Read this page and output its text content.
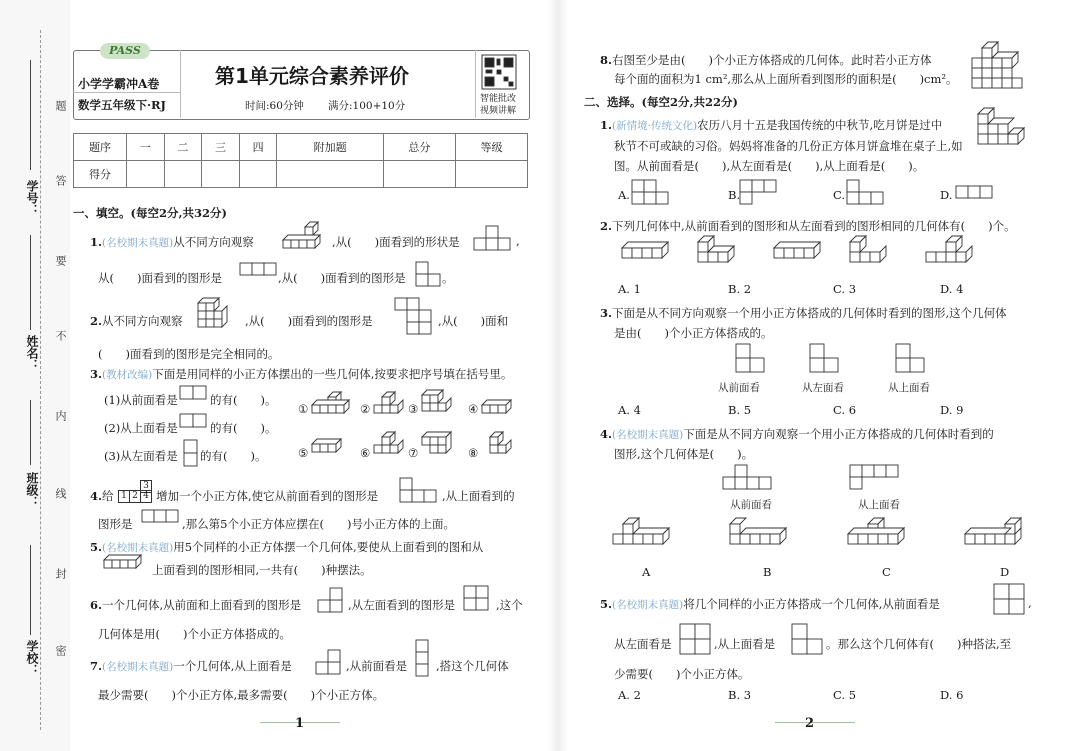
学号：
姓名：
班级：
学校：
题
答
要
不
内
线
封
密
PASS
小学学霸冲A卷
数学五年级下·RJ
第1单元综合素养评价
时间:60分钟 满分:100+10分
智能批改
视频讲解
题序	一	二	三	四	附加题	总分	等级
得分							
一、填空。(每空2分,共32分)
1.(名校期末真题)从不同方向观察	,从(　　)面看到的形状是	,
从(　　)面看到的图形是	,从(　　)面看到的图形是	。
2.从不同方向观察	,从(　　)面看到的图形是	,从(　　)面和
(　　)面看到的图形是完全相同的。
3.(教材改编)下面是用同样的小正方体摆出的一些几何体,按要求把序号填在括号里。
(1)从前面看是	的有(　　)。
(2)从上面看是	的有(　　)。
(3)从左面看是 的有(　　)。
①	②	③	④
⑤	⑥	⑦	⑧
4.给 1 2
3
4 增加一个小正方体,使它从前面看到的图形是	,从上面看到的
图形是	,那么第5个小正方体应摆在(　　)号小正方体的上面。
5.(名校期末真题)用5个同样的小正方体摆一个几何体,要使从上面看到的图和从
上面看到的图形相同,一共有(　　)种摆法。
6.一个几何体,从前面和上面看到的图形是	,从左面看到的图形是	,这个
几何体是用(　　)个小正方体搭成的。
7.(名校期末真题)一个几何体,从上面看是	,从前面看是	,搭这个几何体
最少需要(　　)个小正方体,最多需要(　　)个小正方体。
1
8.右图至少是由(　　)个小正方体搭成的几何体。此时若小正方体
每个面的面积为1 cm²,那么从上面所看到图形的面积是(　　)cm²。
二、选择。(每空2分,共22分)
1.(新情境·传统文化)农历八月十五是我国传统的中秋节,吃月饼是过中
秋节不可或缺的习俗。妈妈将准备的几份正方体月饼盒堆在桌子上,如
图。从前面看是(　　),从左面看是(　　),从上面看是(　　)。
A.	B.	C.	D.
2.下列几何体中,从前面看到的图形和从左面看到的图形相同的几何体有(　　)个。
A. 1	B. 2	C. 3	D. 4
3.下面是从不同方向观察一个用小正方体搭成的几何体时看到的图形,这个几何体
是由(　　)个小正方体搭成的。
从前面看	从左面看	从上面看
A. 4	B. 5	C. 6	D. 9
4.(名校期末真题)下面是从不同方向观察一个用小正方体搭成的几何体时看到的
图形,这个几何体是(　　)。
从前面看	从上面看
A	B	C	D
5.(名校期末真题)将几个同样的小正方体搭成一个几何体,从前面看是	,
从左面看是	,从上面看是	。那么这个几何体有(　　)种搭法,至
少需要(　　)个小正方体。
A. 2	B. 3	C. 5	D. 6
2
